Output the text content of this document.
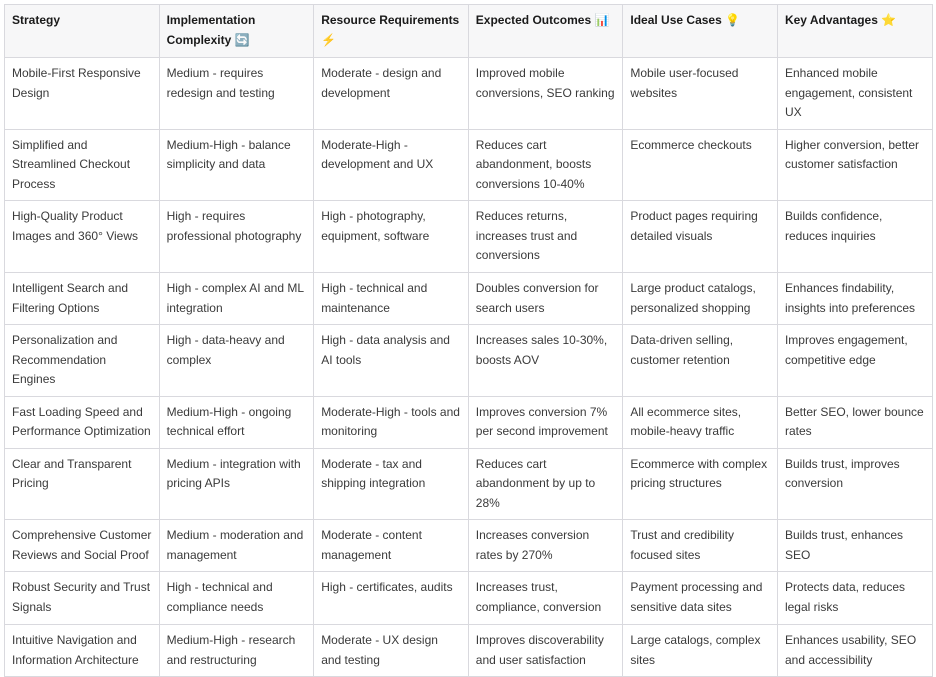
Strategy	Implementation Complexity 🔄	Resource Requirements ⚡	Expected Outcomes 📊	Ideal Use Cases 💡	Key Advantages ⭐
Mobile-First Responsive Design	Medium - requires redesign and testing	Moderate - design and development	Improved mobile conversions, SEO ranking	Mobile user-focused websites	Enhanced mobile engagement, consistent UX
Simplified and Streamlined Checkout Process	Medium-High - balance simplicity and data	Moderate-High - development and UX	Reduces cart abandonment, boosts conversions 10-40%	Ecommerce checkouts	Higher conversion, better customer satisfaction
High-Quality Product Images and 360° Views	High - requires professional photography	High - photography, equipment, software	Reduces returns, increases trust and conversions	Product pages requiring detailed visuals	Builds confidence, reduces inquiries
Intelligent Search and Filtering Options	High - complex AI and ML integration	High - technical and maintenance	Doubles conversion for search users	Large product catalogs, personalized shopping	Enhances findability, insights into preferences
Personalization and Recommendation Engines	High - data-heavy and complex	High - data analysis and AI tools	Increases sales 10-30%, boosts AOV	Data-driven selling, customer retention	Improves engagement, competitive edge
Fast Loading Speed and Performance Optimization	Medium-High - ongoing technical effort	Moderate-High - tools and monitoring	Improves conversion 7% per second improvement	All ecommerce sites, mobile-heavy traffic	Better SEO, lower bounce rates
Clear and Transparent Pricing	Medium - integration with pricing APIs	Moderate - tax and shipping integration	Reduces cart abandonment by up to 28%	Ecommerce with complex pricing structures	Builds trust, improves conversion
Comprehensive Customer Reviews and Social Proof	Medium - moderation and management	Moderate - content management	Increases conversion rates by 270%	Trust and credibility focused sites	Builds trust, enhances SEO
Robust Security and Trust Signals	High - technical and compliance needs	High - certificates, audits	Increases trust, compliance, conversion	Payment processing and sensitive data sites	Protects data, reduces legal risks
Intuitive Navigation and Information Architecture	Medium-High - research and restructuring	Moderate - UX design and testing	Improves discoverability and user satisfaction	Large catalogs, complex sites	Enhances usability, SEO and accessibility
